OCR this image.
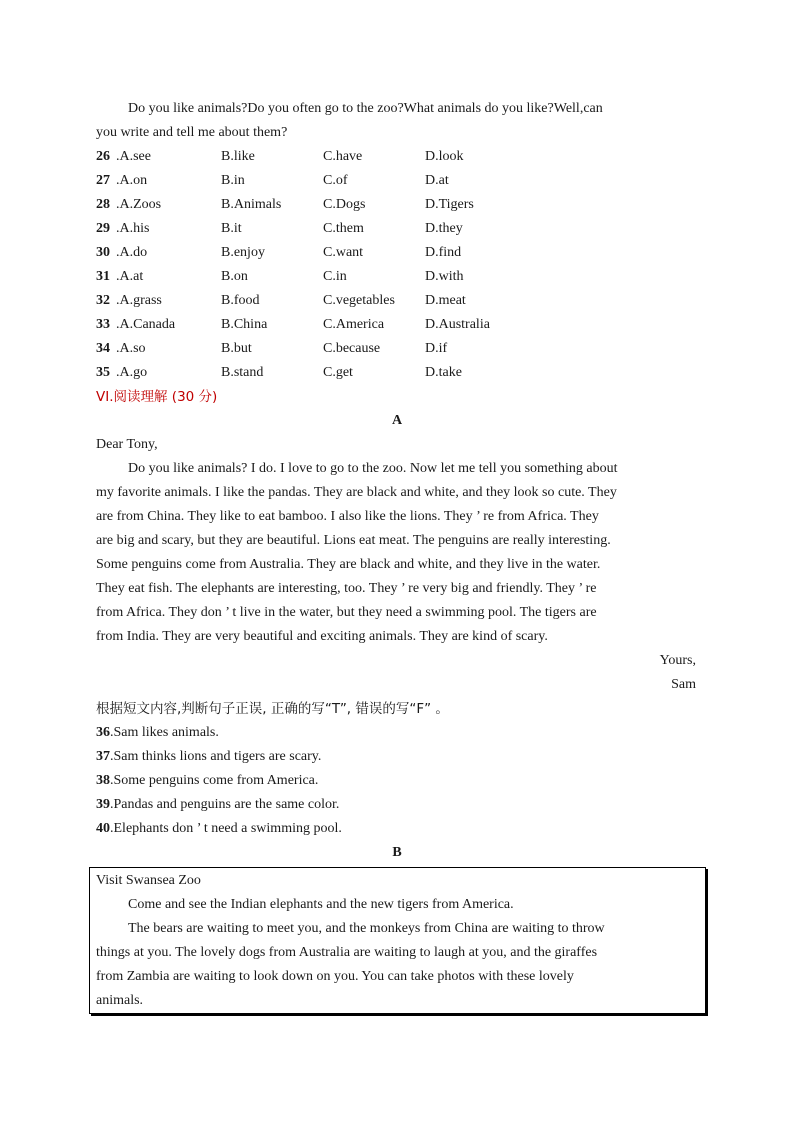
Do you like animals?Do you often go to the zoo?What animals do you like?Well,can
you write and tell me about them?
26 .A.see	B.like	C.have	D.look
27 .A.on	B.in	C.of	D.at
28 .A.Zoos	B.Animals	C.Dogs	D.Tigers
29 .A.his	B.it	C.them	D.they
30 .A.do	B.enjoy	C.want	D.find
31 .A.at	B.on	C.in	D.with
32 .A.grass	B.food	C.vegetables D.meat
33 .A.Canada	B.China	C.America	D.Australia
34 .A.so	B.but	C.because	D.if
35 .A.go	B.stand	C.get	D.take
VI.阅读理解 (30 分)
A
Dear Tony,
Do you like animals? I do. I love to go to the zoo. Now let me tell you something about
my favorite animals. I like the pandas. They are black and white, and they look so cute. They
are from China. They like to eat bamboo. I also like the lions. They ’ re from Africa. They
are big and scary, but they are beautiful. Lions eat meat. The penguins are really interesting.
Some penguins come from Australia. They are black and white, and they live in the water.
They eat fish. The elephants are interesting, too. They ’ re very big and friendly. They ’ re
from Africa. They don ’ t live in the water, but they need a swimming pool. The tigers are
from India. They are very beautiful and exciting animals. They are kind of scary.
Yours,
Sam
根据短文内容,判断句子正误, 正确的写“T”, 错误的写“F” 。
36.Sam likes animals.
37.Sam thinks lions and tigers are scary.
38.Some penguins come from America.
39.Pandas and penguins are the same color.
40.Elephants don ’ t need a swimming pool.
B
Visit Swansea Zoo
Come and see the Indian elephants and the new tigers from America.
The bears are waiting to meet you, and the monkeys from China are waiting to throw
things at you. The lovely dogs from Australia are waiting to laugh at you, and the giraffes
from Zambia are waiting to look down on you. You can take photos with these lovely
animals.
